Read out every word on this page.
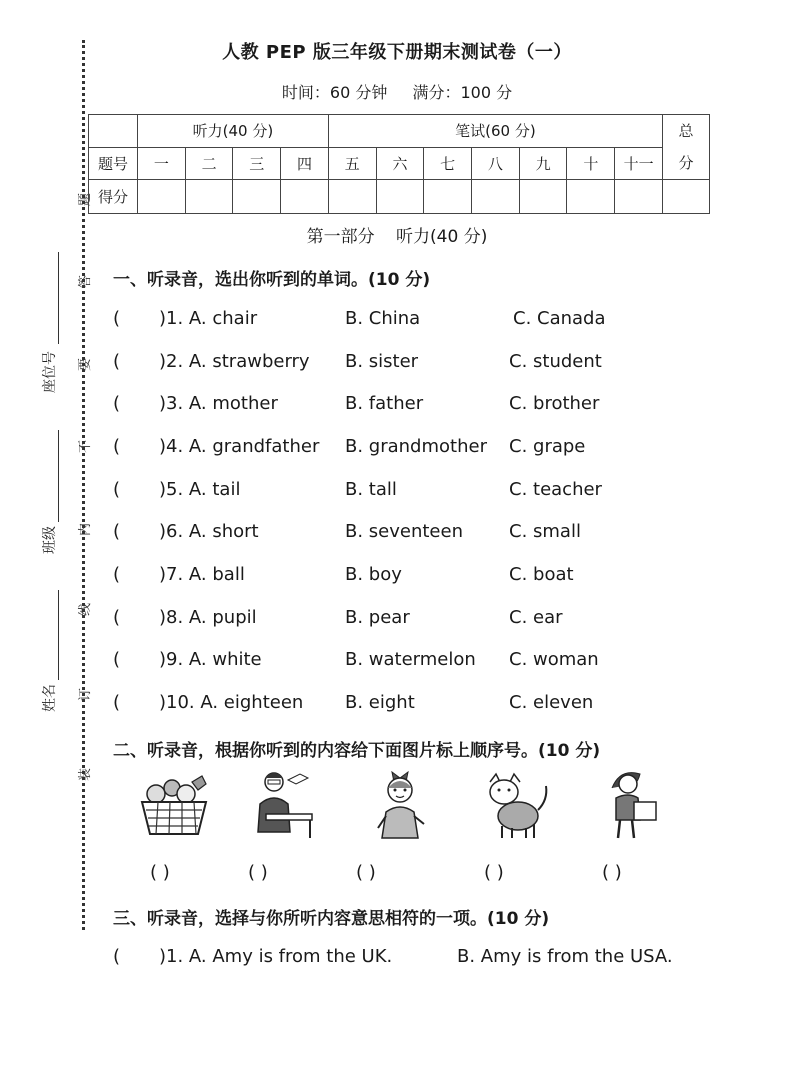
题
答
要
不
内
线
订
装
座位号
班级
姓名
人教 PEP 版三年级下册期末测试卷（一）
时间：60 分钟 满分：100 分
	听力(40 分)				笔试(60 分)							总
分

题号	一	二	三	四	五	六	七	八	九	十	十一	
得分												
第一部分 听力(40 分)
一、听录音，选出你听到的单词。(10 分)
( )1. A. chair	B. China	C. Canada
( )2. A. strawberry B. sister	C. student
( )3. A. mother	B. father	C. brother
( )4. A. grandfather B. grandmother C. grape
( )5. A. tail	B. tall	C. teacher
( )6. A. short	B. seventeen	C. small
( )7. A. ball	B. boy	C. boat
( )8. A. pupil	B. pear	C. ear
( )9. A. white	B. watermelon C. woman
( )10. A. eighteen B. eight	C. eleven
二、听录音，根据你听到的内容给下面图片标上顺序号。(10 分)
( )	( )	( )	( )	( )
三、听录音，选择与你所听内容意思相符的一项。(10 分)
( )1. A. Amy is from the UK.	B. Amy is from the USA.
